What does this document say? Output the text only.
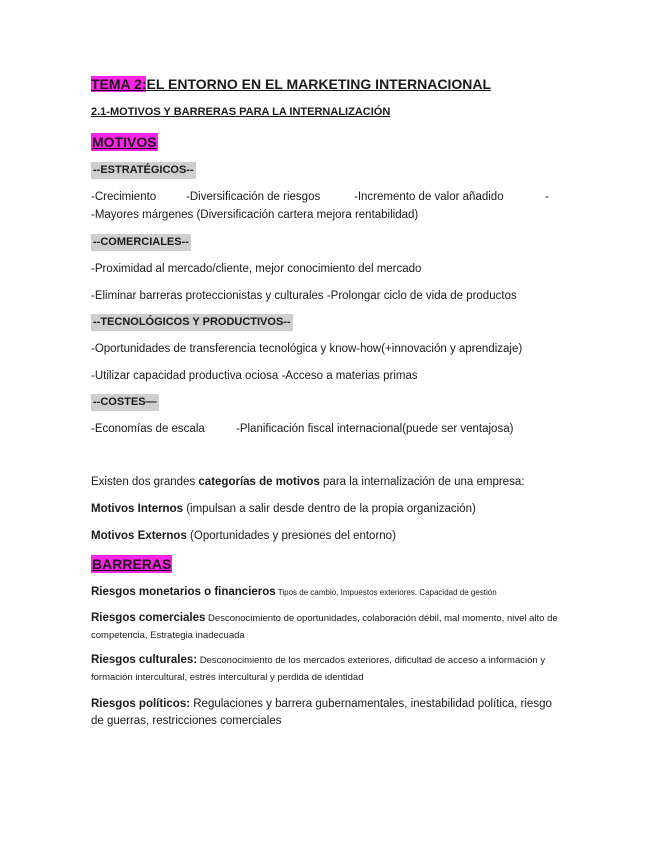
TEMA 2:EL ENTORNO EN EL MARKETING INTERNACIONAL
2.1-MOTIVOS Y BARRERAS PARA LA INTERNALIZACIÓN
MOTIVOS
--ESTRATÉGICOS--
-Crecimiento	-Diversificación de riesgos	-Incremento de valor añadido	-
-Mayores márgenes (Diversificación cartera mejora rentabilidad)
--COMERCIALES--
-Proximidad al mercado/cliente, mejor conocimiento del mercado
-Eliminar barreras proteccionistas y culturales -Prolongar ciclo de vida de productos
--TECNOLÓGICOS Y PRODUCTIVOS--
-Oportunidades de transferencia tecnológica y know-how(+innovación y aprendizaje)
-Utilizar capacidad productiva ociosa -Acceso a materias primas
--COSTES—
-Economías de escala	-Planificación fiscal internacional(puede ser ventajosa)
Existen dos grandes categorías de motivos para la internalización de una empresa:
Motivos Internos (impulsan a salir desde dentro de la propia organización)
Motivos Externos (Oportunidades y presiones del entorno)
BARRERAS
Riesgos monetarios o financieros Tipos de cambio, Impuestos exteriores. Capacidad de gestión
Riesgos comerciales Desconocimiento de oportunidades, colaboración débil, mal momento, nivel alto de competencia, Estrategia inadecuada
Riesgos culturales: Desconocimiento de los mercados exteriores, dificultad de acceso a información y formación intercultural, estrés intercultural y perdida de identidad
Riesgos políticos: Regulaciones y barrera gubernamentales, inestabilidad política, riesgo de guerras, restricciones comerciales
